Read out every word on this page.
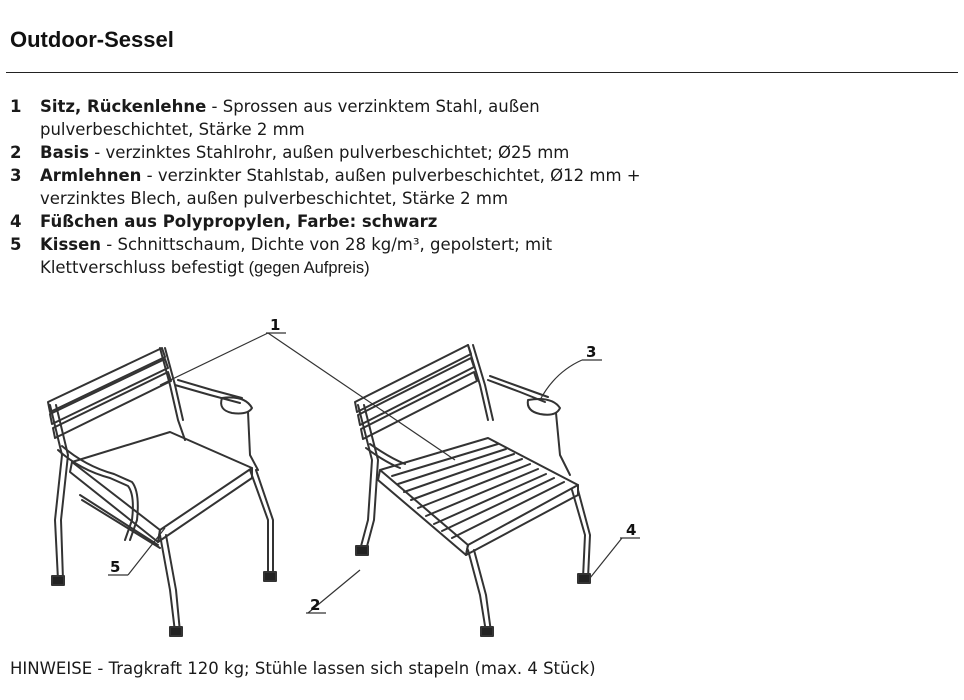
Outdoor-Sessel
1 Sitz, Rückenlehne - Sprossen aus verzinktem Stahl, außen
pulverbeschichtet, Stärke 2 mm
2 Basis - verzinktes Stahlrohr, außen pulverbeschichtet; Ø25 mm
3 Armlehnen - verzinkter Stahlstab, außen pulverbeschichtet, Ø12 mm +
verzinktes Blech, außen pulverbeschichtet, Stärke 2 mm
4 Füßchen aus Polypropylen, Farbe: schwarz
5 Kissen - Schnittschaum, Dichte von 28 kg/m³, gepolstert; mit
Klettverschluss befestigt (gegen Aufpreis)
1
2
3
4
5
HINWEISE - Tragkraft 120 kg; Stühle lassen sich stapeln (max. 4 Stück)
